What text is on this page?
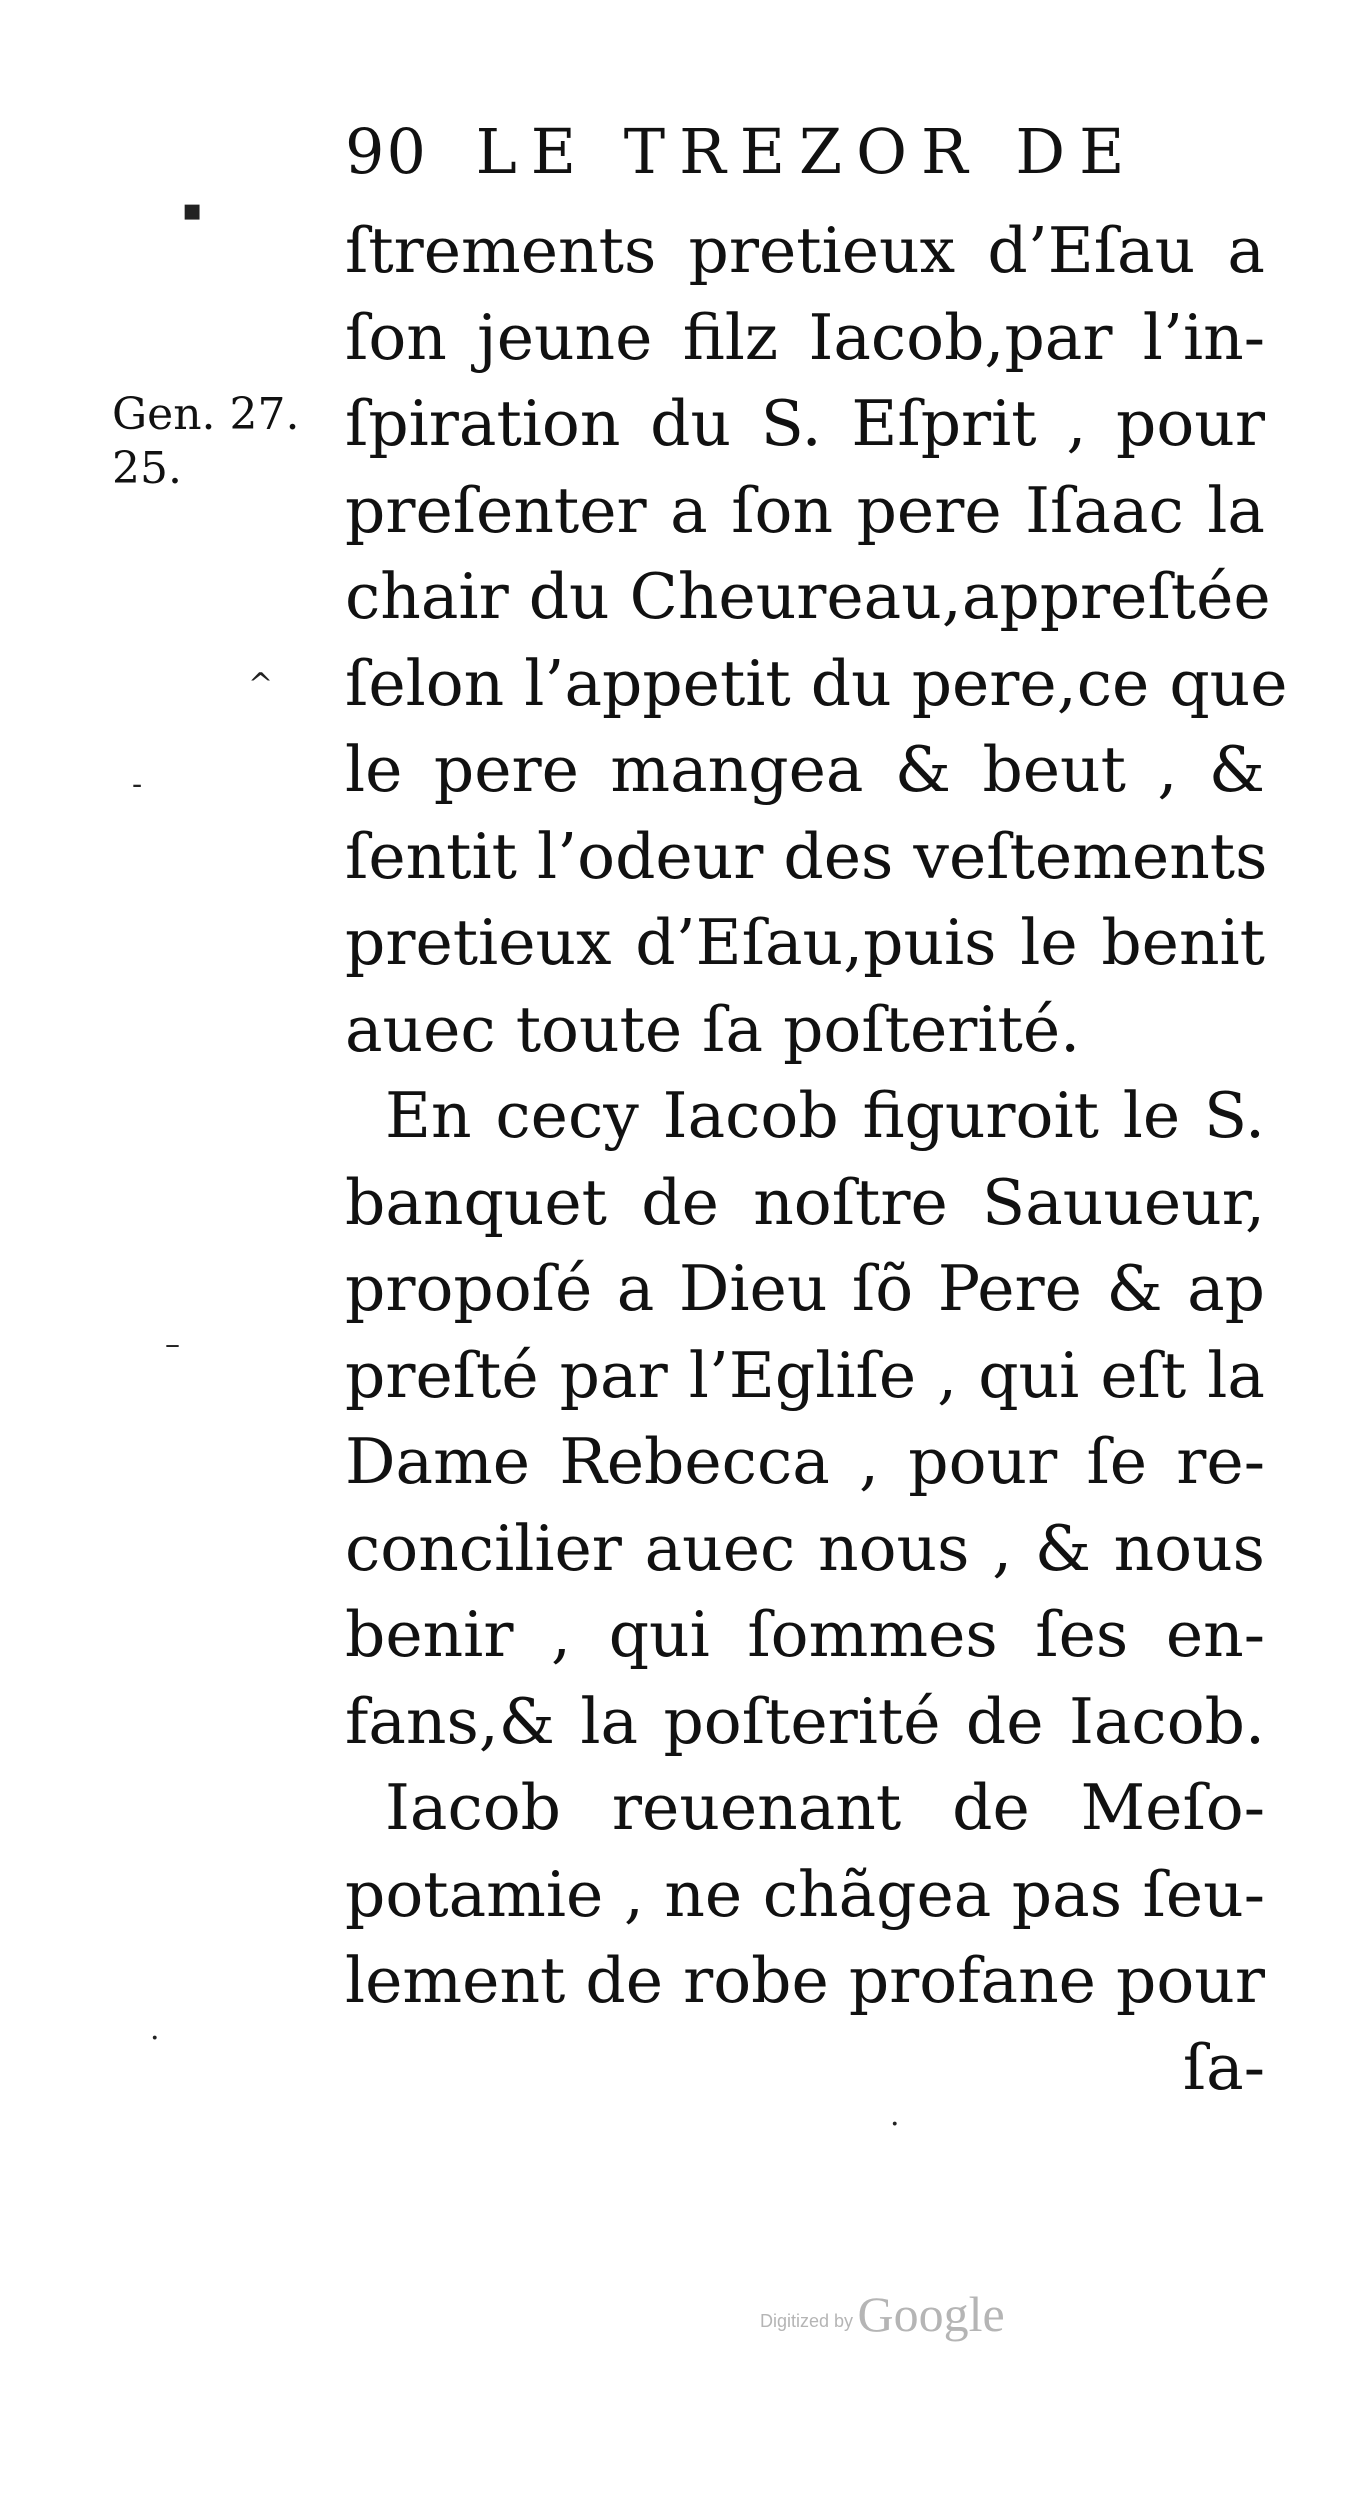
90 LE TREZOR DE
Gen. 27.
25.
ſtrements pretieux d’Eſau a
ſon jeune filz Iacob,par l’in-
ſpiration du S. Eſprit , pour
preſenter a ſon pere Iſaac la
chair du Cheureau,appreſtée
ſelon l’appetit du pere,ce que
le pere mangea & beut , &
ſentit l’odeur des veſtements
pretieux d’Eſau,puis le benit
auec toute ſa poſterité.
En cecy Iacob figuroit le S.
banquet de noſtre Sauueur,
propoſé a Dieu ſõ Pere & ap
preſté par l’Egliſe , qui eſt la
Dame Rebecca , pour ſe re-
concilier auec nous , & nous
benir , qui ſommes ſes en-
fans,& la poſterité de Iacob.
Iacob reuenant de Meſo-
potamie , ne chãgea pas ſeu-
lement de robe profane pour
ſa-
▪
^
-
–
·
·
Digitized by Google
